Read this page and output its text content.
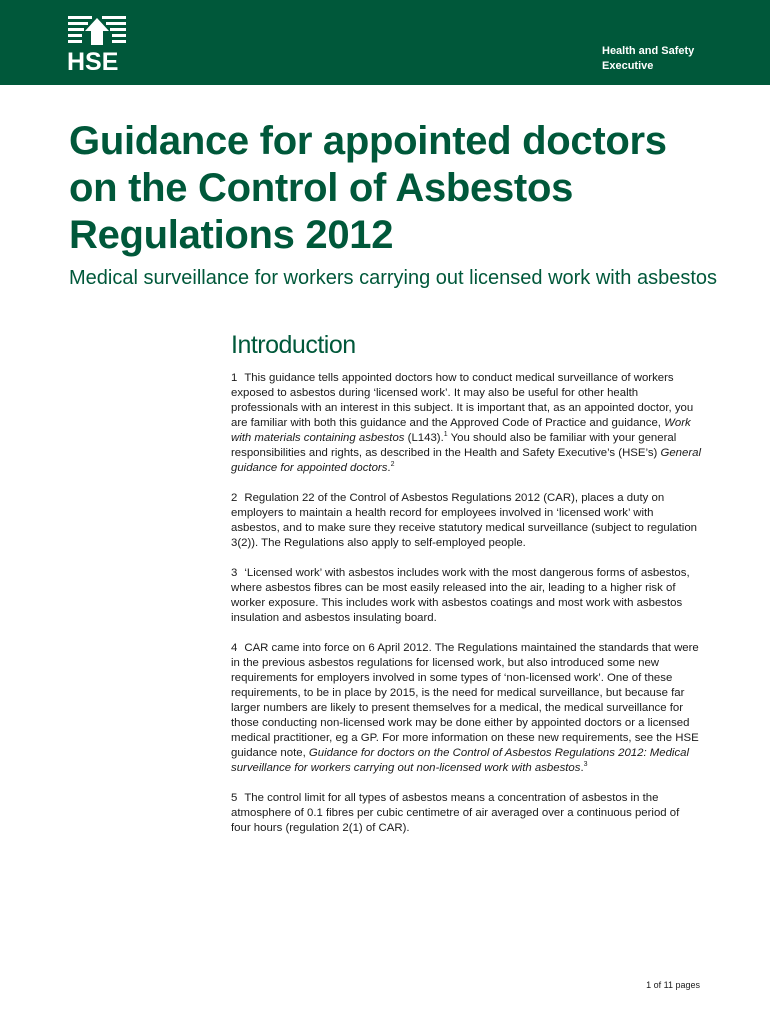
HSE	Health and Safety
Executive
Guidance for appointed doctors
on the Control of Asbestos
Regulations 2012
Medical surveillance for workers carrying out licensed work with asbestos
Introduction

1 This guidance tells appointed doctors how to conduct medical surveillance of workers exposed to asbestos during ‘licensed work’. It may also be useful for other health professionals with an interest in this subject. It is important that, as an appointed doctor, you are familiar with both this guidance and the Approved Code of Practice and guidance, Work with materials containing asbestos (L143).$^1$ You should also be familiar with your general responsibilities and rights, as described in the Health and Safety Executive’s (HSE’s) General guidance for appointed doctors.$^2$

2 Regulation 22 of the Control of Asbestos Regulations 2012 (CAR), places a duty on employers to maintain a health record for employees involved in ‘licensed work’ with asbestos, and to make sure they receive statutory medical surveillance (subject to regulation 3(2)). The Regulations also apply to self-employed people.

3 ‘Licensed work’ with asbestos includes work with the most dangerous forms of asbestos, where asbestos fibres can be most easily released into the air, leading to a higher risk of worker exposure. This includes work with asbestos coatings and most work with asbestos insulation and asbestos insulating board.

4 CAR came into force on 6 April 2012. The Regulations maintained the standards that were in the previous asbestos regulations for licensed work, but also introduced some new requirements for employers involved in some types of ‘non-licensed work’. One of these requirements, to be in place by 2015, is the need for medical surveillance, but because far larger numbers are likely to present themselves for a medical, the medical surveillance for those conducting non-licensed work may be done either by appointed doctors or a licensed medical practitioner, eg a GP. For more information on these new requirements, see the HSE guidance note, Guidance for doctors on the Control of Asbestos Regulations 2012: Medical surveillance for workers carrying out non-licensed work with asbestos.$^3$

5 The control limit for all types of asbestos means a concentration of asbestos in the atmosphere of 0.1 fibres per cubic centimetre of air averaged over a continuous period of four hours (regulation 2(1) of CAR).

1 of 11 pages
